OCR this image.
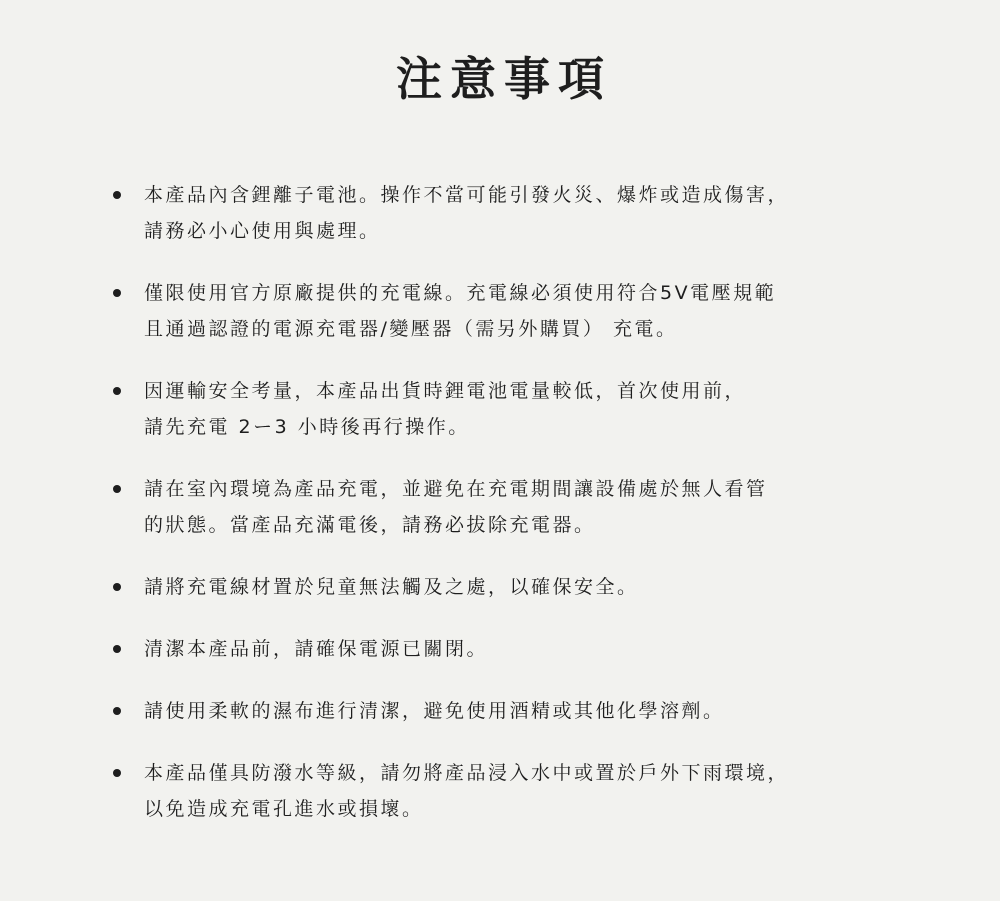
注意事項
本產品內含鋰離子電池。操作不當可能引發火災、爆炸或造成傷害，
請務必小心使用與處理。
僅限使用官方原廠提供的充電線。充電線必須使用符合5V電壓規範
且通過認證的電源充電器/變壓器（需另外購買） 充電。
因運輸安全考量，本產品出貨時鋰電池電量較低，首次使用前，
請先充電 2ー3 小時後再行操作。
請在室內環境為產品充電，並避免在充電期間讓設備處於無人看管
的狀態。當產品充滿電後，請務必拔除充電器。
請將充電線材置於兒童無法觸及之處，以確保安全。
清潔本產品前，請確保電源已關閉。
請使用柔軟的濕布進行清潔，避免使用酒精或其他化學溶劑。
本產品僅具防潑水等級，請勿將產品浸入水中或置於戶外下雨環境，
以免造成充電孔進水或損壞。
